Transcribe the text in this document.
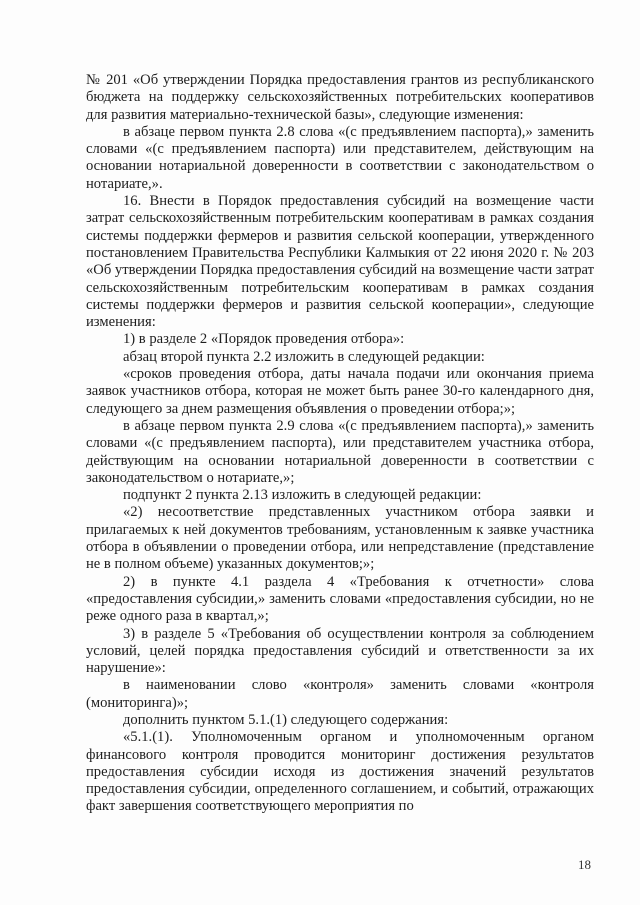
№ 201 «Об утверждении Порядка предоставления грантов из республиканского бюджета на поддержку сельскохозяйственных потребительских кооперативов для развития материально-технической базы», следующие изменения:

в абзаце первом пункта 2.8 слова «(с предъявлением паспорта),» заменить словами «(с предъявлением паспорта) или представителем, действующим на основании нотариальной доверенности в соответствии с законодательством о нотариате,».

16. Внести в Порядок предоставления субсидий на возмещение части затрат сельскохозяйственным потребительским кооперативам в рамках создания системы поддержки фермеров и развития сельской кооперации, утвержденного постановлением Правительства Республики Калмыкия от 22 июня 2020 г. № 203 «Об утверждении Порядка предоставления субсидий на возмещение части затрат сельскохозяйственным потребительским кооперативам в рамках создания системы поддержки фермеров и развития сельской кооперации», следующие изменения:

1) в разделе 2 «Порядок проведения отбора»:

абзац второй пункта 2.2 изложить в следующей редакции:

«сроков проведения отбора, даты начала подачи или окончания приема заявок участников отбора, которая не может быть ранее 30-го календарного дня, следующего за днем размещения объявления о проведении отбора;»;

в абзаце первом пункта 2.9 слова «(с предъявлением паспорта),» заменить словами «(с предъявлением паспорта), или представителем участника отбора, действующим на основании нотариальной доверенности в соответствии с законодательством о нотариате,»;

подпункт 2 пункта 2.13 изложить в следующей редакции:

«2) несоответствие представленных участником отбора заявки и прилагаемых к ней документов требованиям, установленным к заявке участника отбора в объявлении о проведении отбора, или непредставление (представление не в полном объеме) указанных документов;»;

2) в пункте 4.1 раздела 4 «Требования к отчетности» слова «предоставления субсидии,» заменить словами «предоставления субсидии, но не реже одного раза в квартал,»;

3) в разделе 5 «Требования об осуществлении контроля за соблюдением условий, целей порядка предоставления субсидий и ответственности за их нарушение»:

в наименовании слово «контроля» заменить словами «контроля (мониторинга)»;

дополнить пунктом 5.1.(1) следующего содержания:

«5.1.(1). Уполномоченным органом и уполномоченным органом финансового контроля проводится мониторинг достижения результатов предоставления субсидии исходя из достижения значений результатов предоставления субсидии, определенного соглашением, и событий, отражающих факт завершения соответствующего мероприятия по

18
